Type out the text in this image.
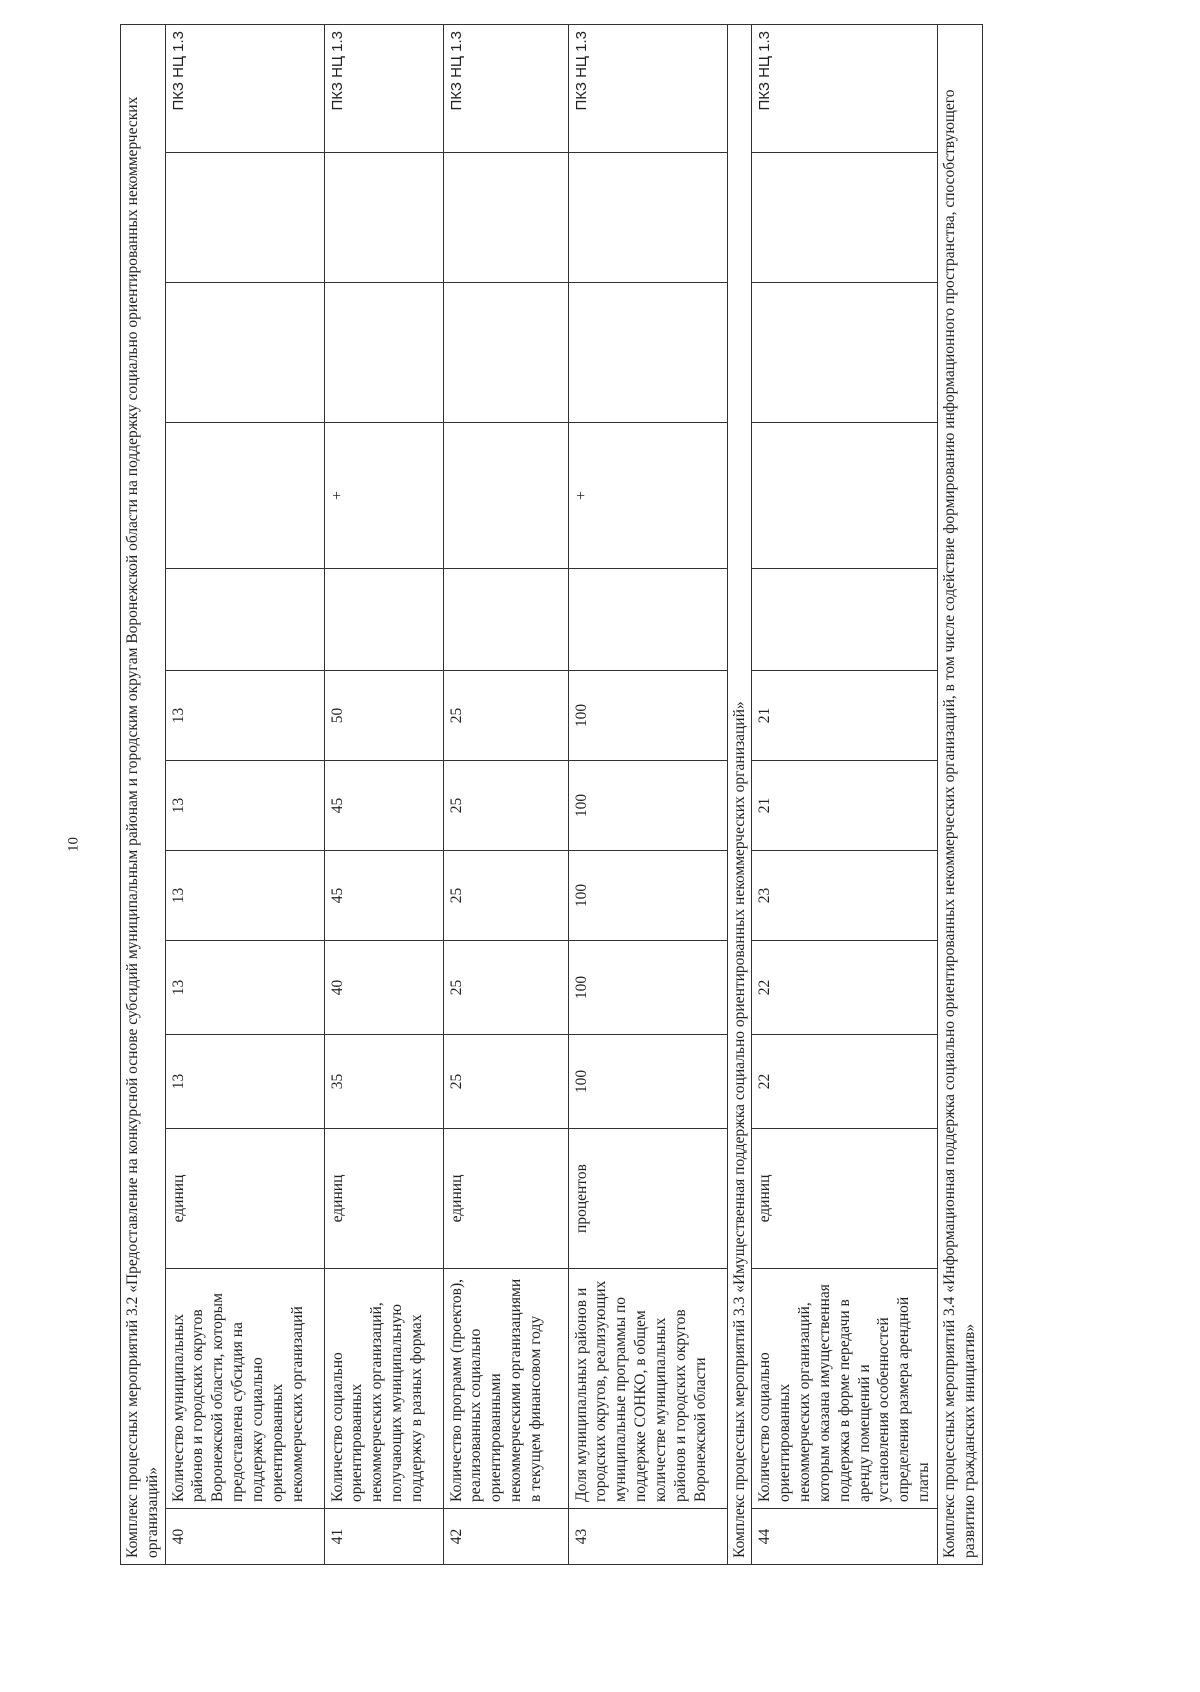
10	Комплекс процессных мероприятий 3.2 «Предоставление на конкурсной основе субсидий муниципальным районам и городским округам Воронежской области на поддержку социально ориентированных некоммерческих организаций»												
40	Количество муниципальных районов и городских округов Воронежской области, которым предоставлена субсидия на поддержку социально ориентированных некоммерческих организаций	единиц	13	13	13	13	13					ПКЗ НЦ 1.3
41	Количество социально ориентированных некоммерческих организаций, получающих муниципальную поддержку в разных формах	единиц	35	40	45	45	50		+			ПКЗ НЦ 1.3
42	Количество программ (проектов), реализованных социально ориентированными некоммерческими организациями в текущем финансовом году	единиц	25	25	25	25	25					ПКЗ НЦ 1.3
43	Доля муниципальных районов и городских округов, реализующих муниципальные программы по поддержке СОНКО, в общем количестве муниципальных районов и городских округов Воронежской области	процентов	100	100	100	100	100		+			ПКЗ НЦ 1.3
Комплекс процессных мероприятий 3.3 «Имущественная поддержка социально ориентированных некоммерческих организаций»												
44	Количество социально ориентированных некоммерческих организаций, которым оказана имущественная поддержка в форме передачи в аренду помещений и установления особенностей определения размера арендной платы	единиц	22	22	23	21	21					ПКЗ НЦ 1.3
Комплекс процессных мероприятий 3.4 «Информационная поддержка социально ориентированных некоммерческих организаций, в том числе содействие формированию информационного пространства, способствующего развитию гражданских инициатив»												
